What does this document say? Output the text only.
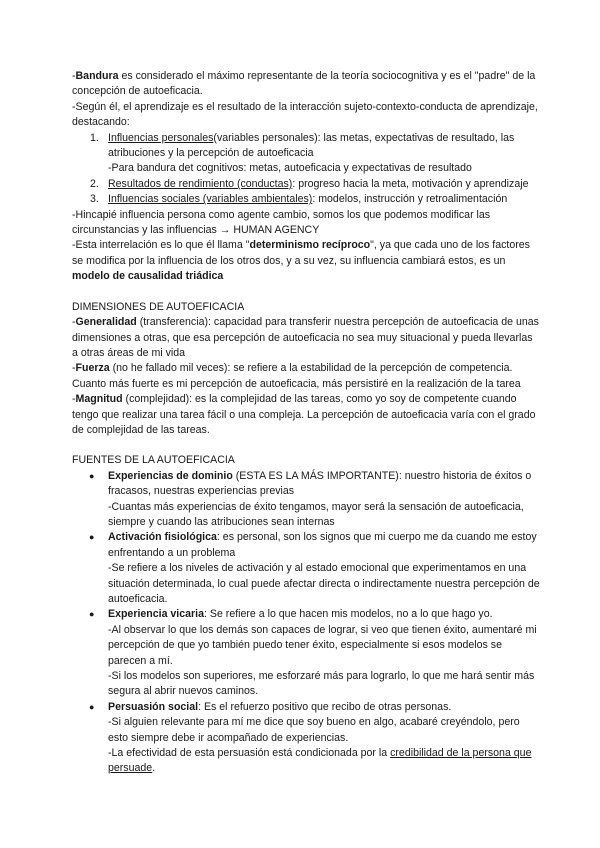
-Bandura es considerado el máximo representante de la teoría sociocognitiva y es el "padre" de la concepción de autoeficacia.

-Según él, el aprendizaje es el resultado de la interacción sujeto-contexto-conducta de aprendizaje, destacando:

1. Influencias personales(variables personales): las metas, expectativas de resultado, las atribuciones y la percepción de autoeficacia
-Para bandura det cognitivos: metas, autoeficacia y expectativas de resultado
2. Resultados de rendimiento (conductas): progreso hacia la meta, motivación y aprendizaje
3. Influencias sociales (variables ambientales): modelos, instrucción y retroalimentación

-Hincapié influencia persona como agente cambio, somos los que podemos modificar las circunstancias y las influencias → HUMAN AGENCY

-Esta interrelación es lo que él llama "determinismo recíproco", ya que cada uno de los factores se modifica por la influencia de los otros dos, y a su vez, su influencia cambiará estos, es un modelo de causalidad triádica

DIMENSIONES DE AUTOEFICACIA

-Generalidad (transferencia): capacidad para transferir nuestra percepción de autoeficacia de unas dimensiones a otras, que esa percepción de autoeficacia no sea muy situacional y pueda llevarlas a otras áreas de mi vida

-Fuerza (no he fallado mil veces): se refiere a la estabilidad de la percepción de competencia. Cuanto más fuerte es mi percepción de autoeficacia, más persistiré en la realización de la tarea

-Magnitud (complejidad): es la complejidad de las tareas, como yo soy de competente cuando tengo que realizar una tarea fácil o una compleja. La percepción de autoeficacia varía con el grado de complejidad de las tareas.

FUENTES DE LA AUTOEFICACIA

● Experiencias de dominio (ESTA ES LA MÁS IMPORTANTE): nuestro historia de éxitos o fracasos, nuestras experiencias previas
-Cuantas más experiencias de éxito tengamos, mayor será la sensación de autoeficacia, siempre y cuando las atribuciones sean internas
● Activación fisiológica: es personal, son los signos que mi cuerpo me da cuando me estoy enfrentando a un problema
-Se refiere a los niveles de activación y al estado emocional que experimentamos en una situación determinada, lo cual puede afectar directa o indirectamente nuestra percepción de autoeficacia.
● Experiencia vicaria: Se refiere a lo que hacen mis modelos, no a lo que hago yo.
-Al observar lo que los demás son capaces de lograr, si veo que tienen éxito, aumentaré mi percepción de que yo también puedo tener éxito, especialmente si esos modelos se parecen a mí.
-Si los modelos son superiores, me esforzaré más para lograrlo, lo que me hará sentir más segura al abrir nuevos caminos.
● Persuasión social: Es el refuerzo positivo que recibo de otras personas.
-Si alguien relevante para mí me dice que soy bueno en algo, acabaré creyéndolo, pero esto siempre debe ir acompañado de experiencias.
-La efectividad de esta persuasión está condicionada por la credibilidad de la persona que persuade.
